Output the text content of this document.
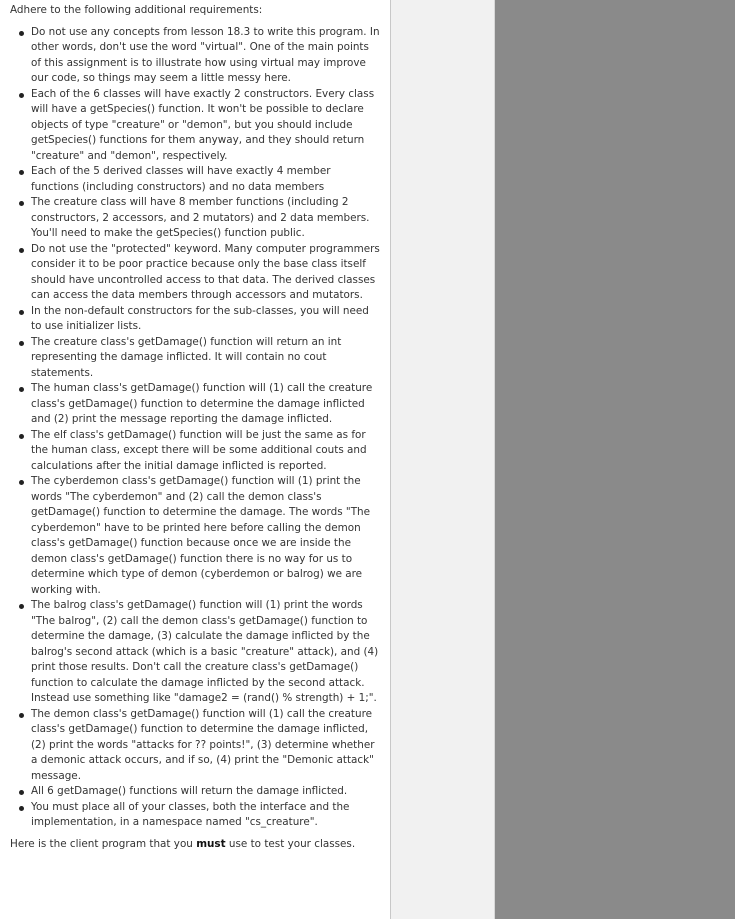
Adhere to the following additional requirements:
Do not use any concepts from lesson 18.3 to write this program. In other words, don't use the word "virtual". One of the main points of this assignment is to illustrate how using virtual may improve our code, so things may seem a little messy here.
Each of the 6 classes will have exactly 2 constructors. Every class will have a getSpecies() function. It won't be possible to declare objects of type "creature" or "demon", but you should include getSpecies() functions for them anyway, and they should return "creature" and "demon", respectively.
Each of the 5 derived classes will have exactly 4 member functions (including constructors) and no data members
The creature class will have 8 member functions (including 2 constructors, 2 accessors, and 2 mutators) and 2 data members. You'll need to make the getSpecies() function public.
Do not use the "protected" keyword. Many computer programmers consider it to be poor practice because only the base class itself should have uncontrolled access to that data. The derived classes can access the data members through accessors and mutators.
In the non-default constructors for the sub-classes, you will need to use initializer lists.
The creature class's getDamage() function will return an int representing the damage inflicted. It will contain no cout statements.
The human class's getDamage() function will (1) call the creature class's getDamage() function to determine the damage inflicted and (2) print the message reporting the damage inflicted.
The elf class's getDamage() function will be just the same as for the human class, except there will be some additional couts and calculations after the initial damage inflicted is reported.
The cyberdemon class's getDamage() function will (1) print the words "The cyberdemon" and (2) call the demon class's getDamage() function to determine the damage. The words "The cyberdemon" have to be printed here before calling the demon class's getDamage() function because once we are inside the demon class's getDamage() function there is no way for us to determine which type of demon (cyberdemon or balrog) we are working with.
The balrog class's getDamage() function will (1) print the words "The balrog", (2) call the demon class's getDamage() function to determine the damage, (3) calculate the damage inflicted by the balrog's second attack (which is a basic "creature" attack), and (4) print those results. Don't call the creature class's getDamage() function to calculate the damage inflicted by the second attack. Instead use something like "damage2 = (rand() % strength) + 1;".
The demon class's getDamage() function will (1) call the creature class's getDamage() function to determine the damage inflicted, (2) print the words "attacks for ?? points!", (3) determine whether a demonic attack occurs, and if so, (4) print the "Demonic attack" message.
All 6 getDamage() functions will return the damage inflicted.
You must place all of your classes, both the interface and the implementation, in a namespace named "cs_creature".
Here is the client program that you must use to test your classes.
